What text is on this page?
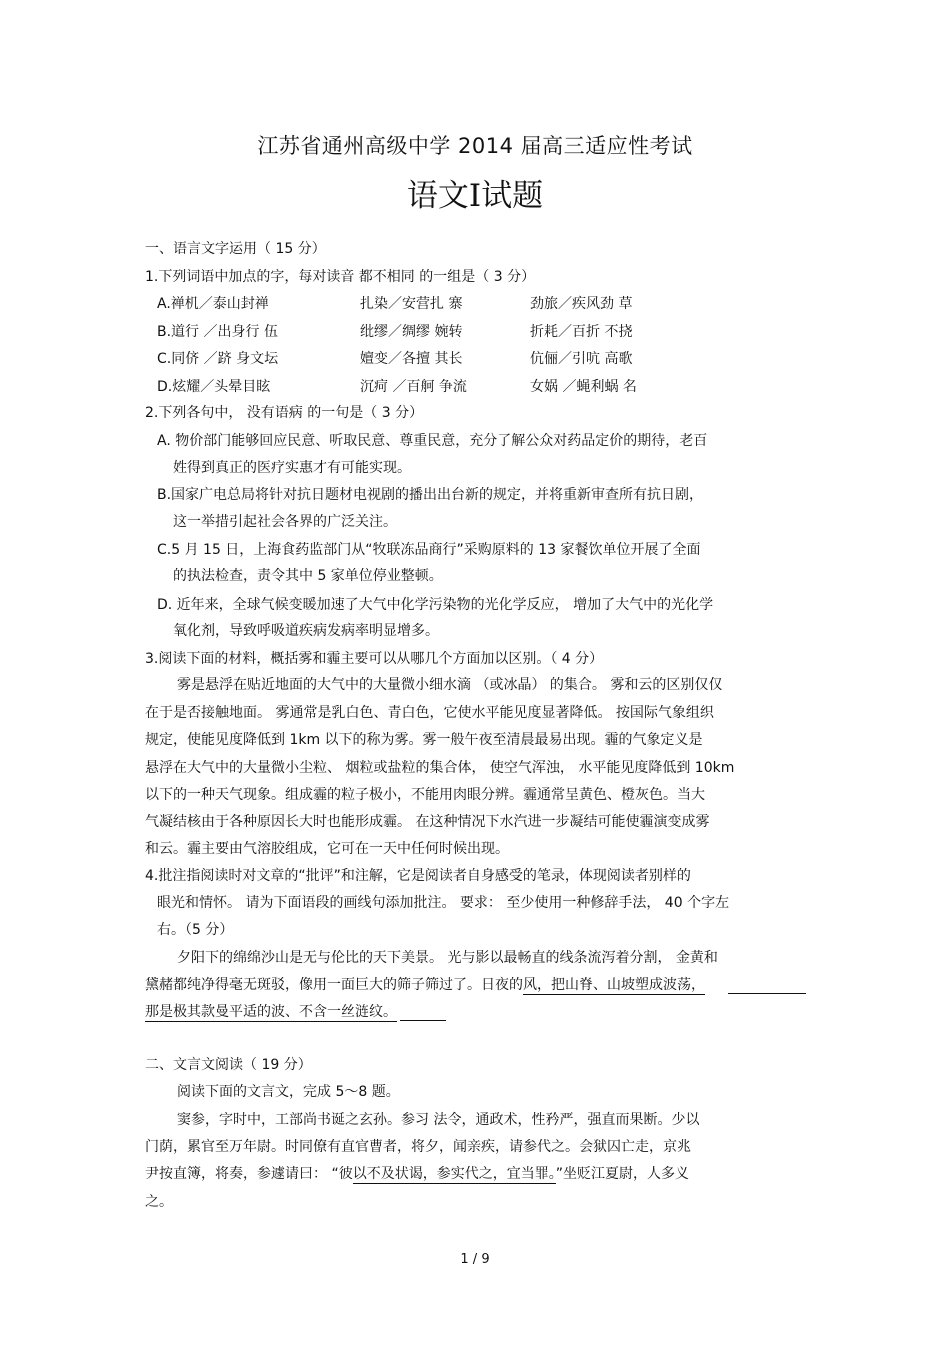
江苏省通州高级中学 2014 届高三适应性考试
语文Ⅰ试题
一、语言文字运用（ 15 分）
1.下列词语中加点的字，每对读音 都不相同 的一组是（ 3 分）
A.禅机／泰山封禅	扎染／安营扎 寨	劲旅／疾风劲 草
B.道行 ／出身行 伍	纰缪／绸缪 婉转	折耗／百折 不挠
C.同侪 ／跻 身文坛	嬗变／各擅 其长	伉俪／引吭 高歌
D.炫耀／头晕目眩	沉疴 ／百舸 争流	女娲 ／蝇利蜗 名
2.下列各句中， 没有语病 的一句是（ 3 分）
A. 物价部门能够回应民意、听取民意、尊重民意，充分了解公众对药品定价的期待，老百
姓得到真正的医疗实惠才有可能实现。
B.国家广电总局将针对抗日题材电视剧的播出出台新的规定，并将重新审查所有抗日剧，
这一举措引起社会各界的广泛关注。
C.5 月 15 日，上海食药监部门从“牧联冻品商行”采购原料的 13 家餐饮单位开展了全面
的执法检查，责令其中 5 家单位停业整顿。
D. 近年来，全球气候变暖加速了大气中化学污染物的光化学反应， 增加了大气中的光化学
氧化剂，导致呼吸道疾病发病率明显增多。
3.阅读下面的材料，概括雾和霾主要可以从哪几个方面加以区别。（ 4 分）
雾是悬浮在贴近地面的大气中的大量微小细水滴 （或冰晶） 的集合。 雾和云的区别仅仅
在于是否接触地面。 雾通常是乳白色、青白色，它使水平能见度显著降低。 按国际气象组织
规定，使能见度降低到 1km 以下的称为雾。雾一般午夜至清晨最易出现。霾的气象定义是
悬浮在大气中的大量微小尘粒、 烟粒或盐粒的集合体， 使空气浑浊， 水平能见度降低到 10km
以下的一种天气现象。组成霾的粒子极小，不能用肉眼分辨。霾通常呈黄色、橙灰色。当大
气凝结核由于各种原因长大时也能形成霾。 在这种情况下水汽进一步凝结可能使霾演变成雾
和云。霾主要由气溶胶组成，它可在一天中任何时候出现。
4.批注指阅读时对文章的“批评”和注解，它是阅读者自身感受的笔录，体现阅读者别样的
眼光和情怀。 请为下面语段的画线句添加批注。 要求： 至少使用一种修辞手法， 40 个字左
右。（5 分）
夕阳下的绵绵沙山是无与伦比的天下美景。 光与影以最畅直的线条流泻着分割， 金黄和
黛赭都纯净得毫无斑驳，像用一面巨大的筛子筛过了。日夜的风，把山脊、山坡塑成波荡，
那是极其款曼平适的波、不含一丝涟纹。
二、文言文阅读（ 19 分）
阅读下面的文言文，完成 5～8 题。
窦参，字时中，工部尚书诞之玄孙。参习 法令，通政术，性矜严，强直而果断。少以
门荫，累官至万年尉。时同僚有直官曹者，将夕，闻亲疾，请参代之。会狱囚亡走，京兆
尹按直簿，将奏，参遽请曰： “彼以不及状谒，参实代之，宜当罪。”坐贬江夏尉，人多义
之。
1 / 9
